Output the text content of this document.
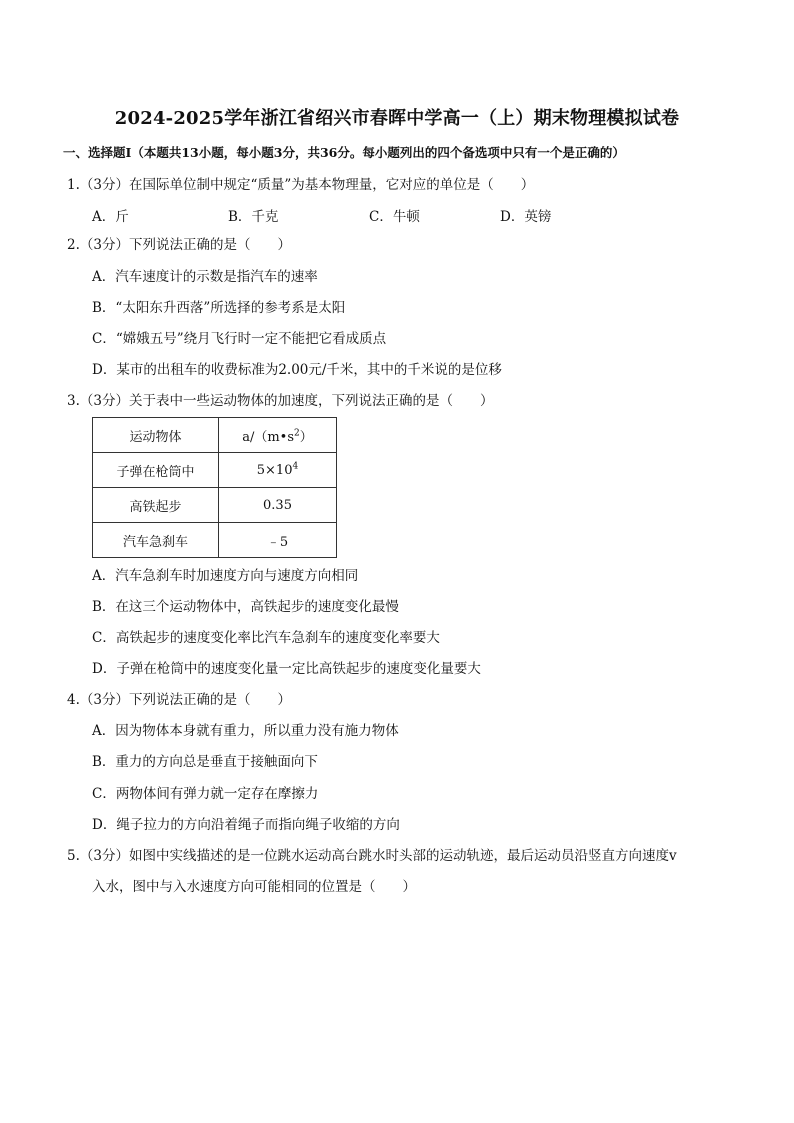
2024-2025学年浙江省绍兴市春晖中学高一（上）期末物理模拟试卷
一、选择题Ⅰ（本题共13小题，每小题3分，共36分。每小题列出的四个备选项中只有一个是正确的）
1.（3分）在国际单位制中规定“质量”为基本物理量，它对应的单位是（　　）
A．斤	B．千克	C．牛顿	D．英镑
2.（3分）下列说法正确的是（　　）
A．汽车速度计的示数是指汽车的速率
B．“太阳东升西落”所选择的参考系是太阳
C．“嫦娥五号”绕月飞行时一定不能把它看成质点
D．某市的出租车的收费标准为2.00元/千米，其中的千米说的是位移
3.（3分）关于表中一些运动物体的加速度，下列说法正确的是（　　）
运动物体	$a/(m•s^2)$
子弹在枪筒中	$5\times 10^4$
高铁起步	0.35
汽车急刹车	﹣5
A．汽车急刹车时加速度方向与速度方向相同
B．在这三个运动物体中，高铁起步的速度变化最慢
C．高铁起步的速度变化率比汽车急刹车的速度变化率要大
D．子弹在枪筒中的速度变化量一定比高铁起步的速度变化量要大
4.（3分）下列说法正确的是（　　）
A．因为物体本身就有重力，所以重力没有施力物体
B．重力的方向总是垂直于接触面向下
C．两物体间有弹力就一定存在摩擦力
D．绳子拉力的方向沿着绳子而指向绳子收缩的方向
5.（3分）如图中实线描述的是一位跳水运动高台跳水时头部的运动轨迹，最后运动员沿竖直方向速度v
入水，图中与入水速度方向可能相同的位置是（　　）
